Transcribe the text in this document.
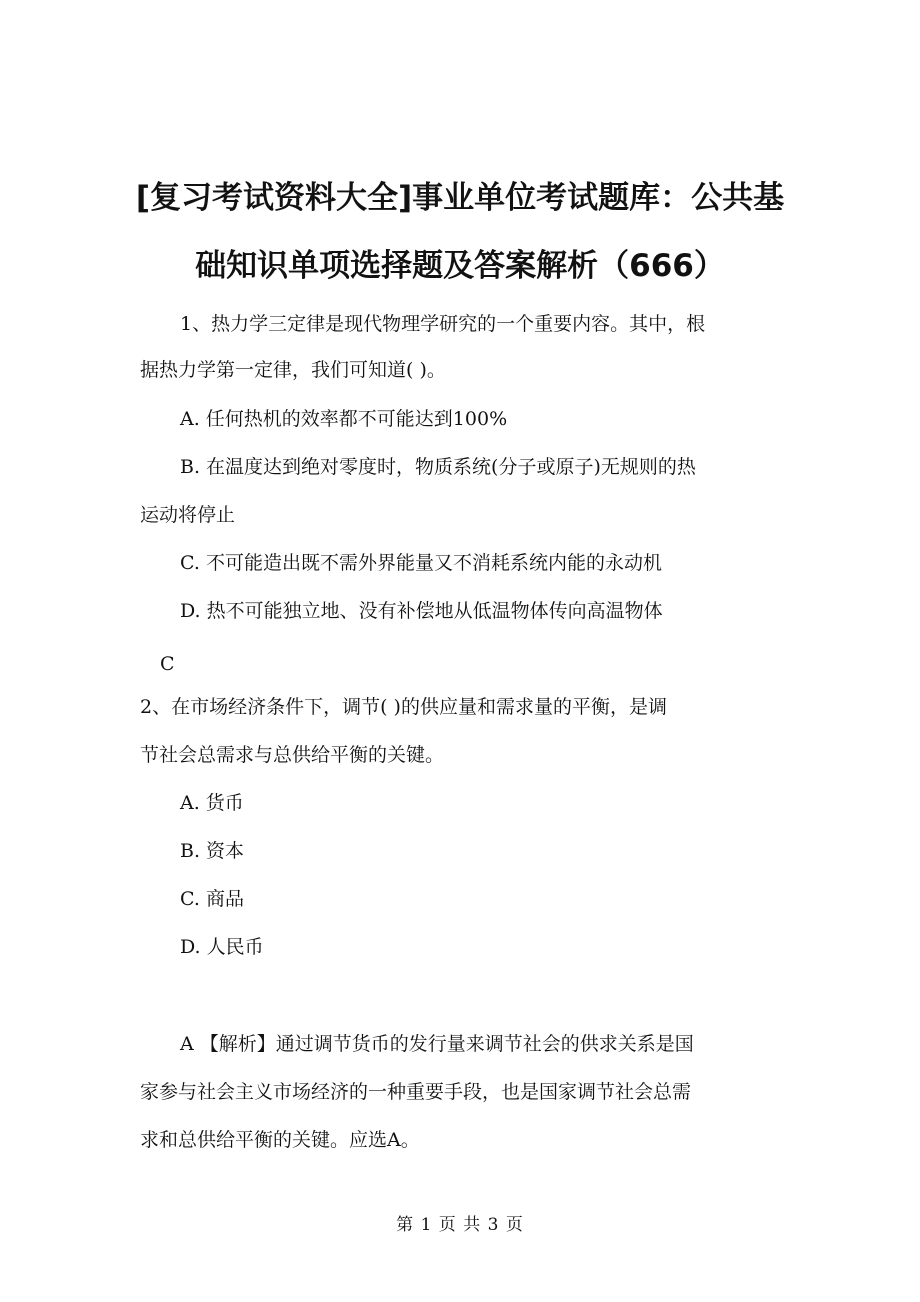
[复习考试资料大全]事业单位考试题库：公共基
础知识单项选择题及答案解析（666）
1、热力学三定律是现代物理学研究的一个重要内容。其中，根
据热力学第一定律，我们可知道( )。
A. 任何热机的效率都不可能达到100%
B. 在温度达到绝对零度时，物质系统(分子或原子)无规则的热
运动将停止
C. 不可能造出既不需外界能量又不消耗系统内能的永动机
D. 热不可能独立地、没有补偿地从低温物体传向高温物体
C
2、在市场经济条件下，调节( )的供应量和需求量的平衡，是调
节社会总需求与总供给平衡的关键。
A. 货币
B. 资本
C. 商品
D. 人民币
A 【解析】通过调节货币的发行量来调节社会的供求关系是国
家参与社会主义市场经济的一种重要手段，也是国家调节社会总需
求和总供给平衡的关键。应选A。
第 1 页 共 3 页
